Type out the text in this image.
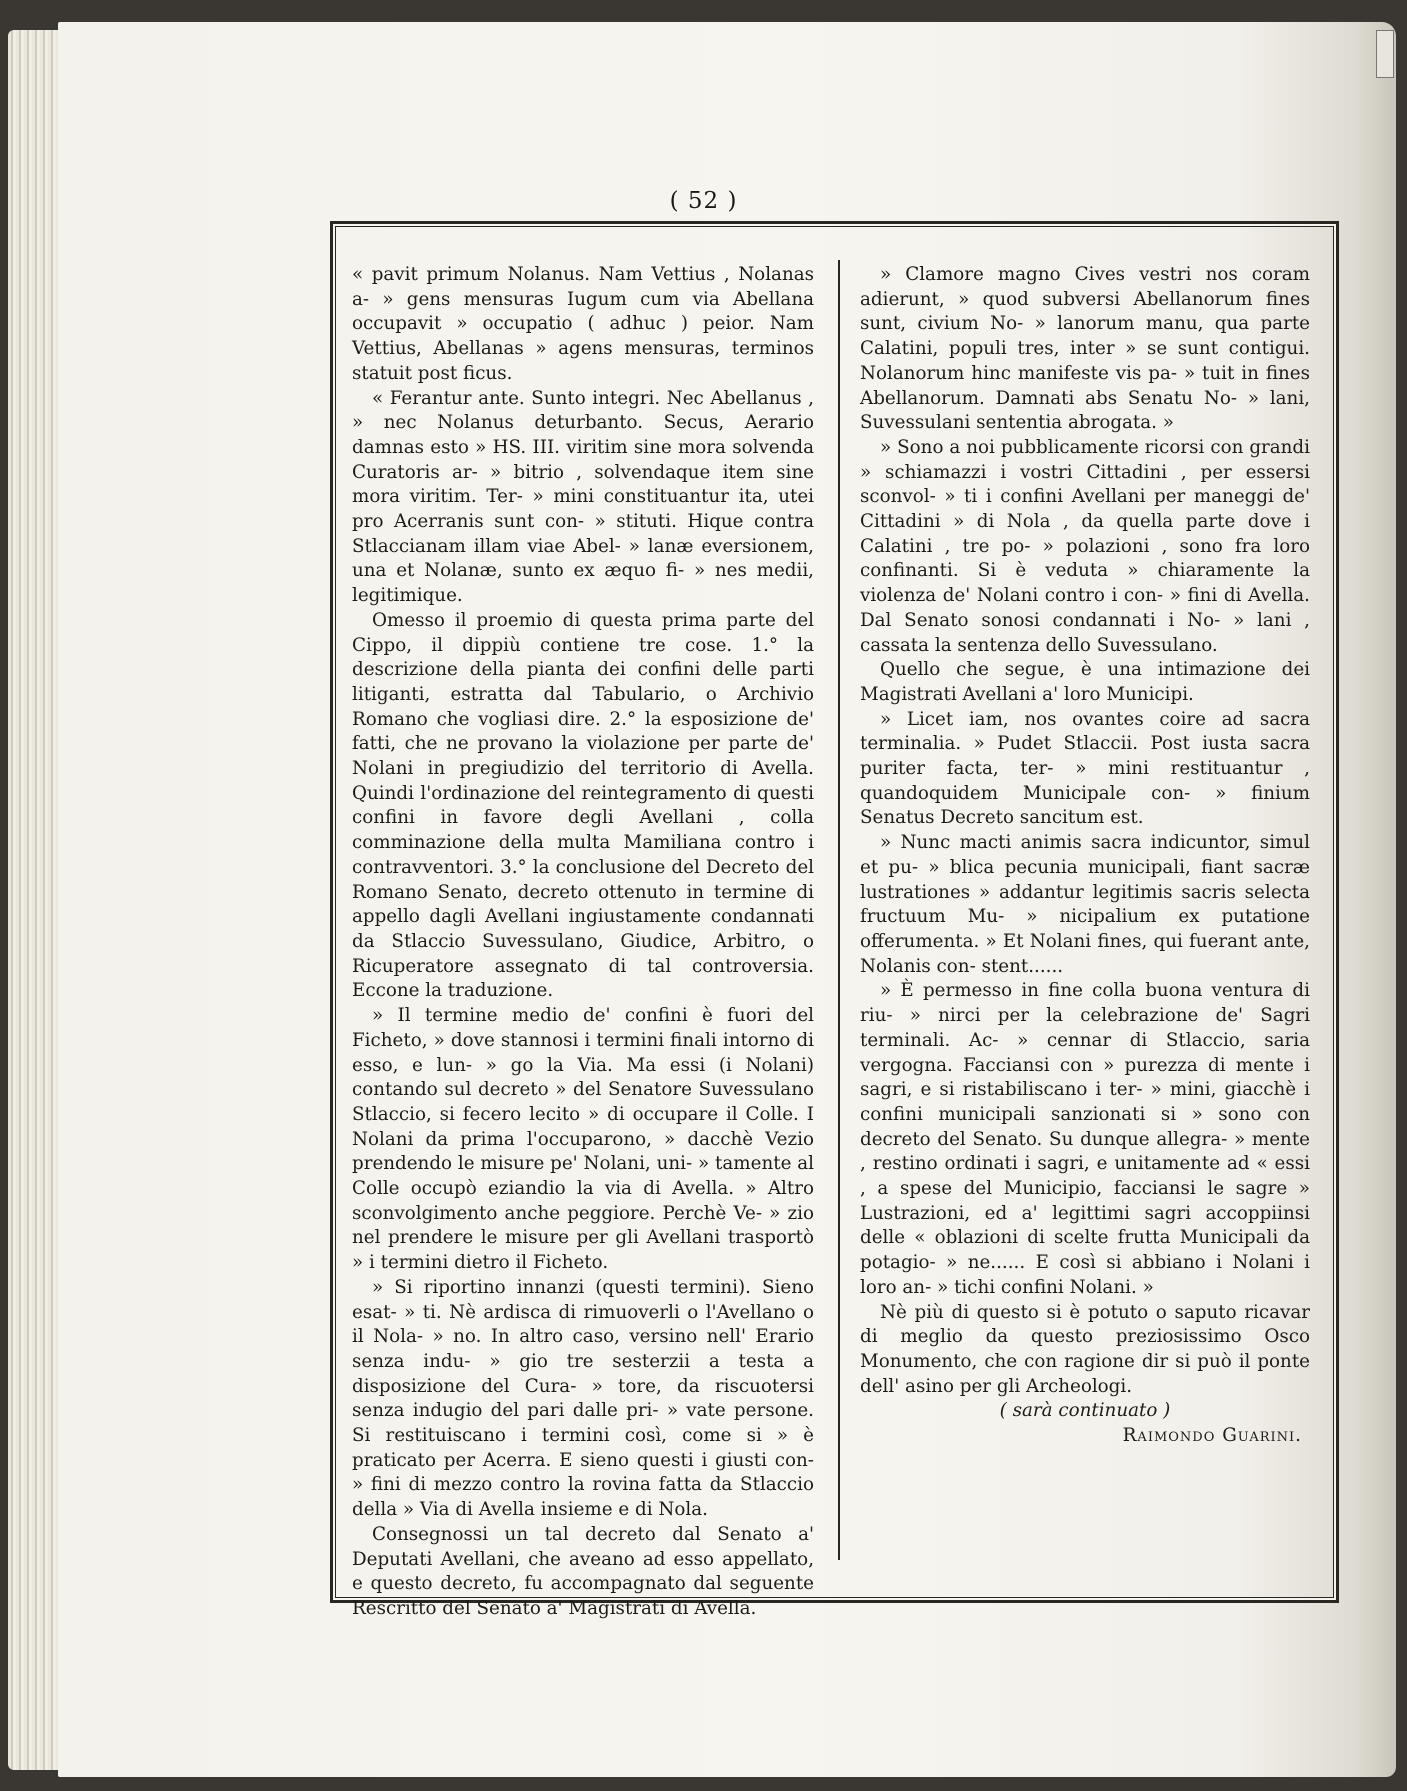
( 52 )

« pavit primum Nolanus. Nam Vettius , Nolanas a- » gens mensuras Iugum cum via Abellana occupavit » occupatio ( adhuc ) peior. Nam Vettius, Abellanas » agens mensuras, terminos statuit post ficus.

« Ferantur ante. Sunto integri. Nec Abellanus , » nec Nolanus deturbanto. Secus, Aerario damnas esto » HS. III. viritim sine mora solvenda Curatoris ar- » bitrio , solvendaque item sine mora viritim. Ter- » mini constituantur ita, utei pro Acerranis sunt con- » stituti. Hique contra Stlaccianam illam viae Abel- » lanæ eversionem, una et Nolanæ, sunto ex æquo fi- » nes medii, legitimique.

Omesso il proemio di questa prima parte del Cippo, il dippiù contiene tre cose. 1.° la descrizione della pianta dei confini delle parti litiganti, estratta dal Tabulario, o Archivio Romano che vogliasi dire. 2.° la esposizione de' fatti, che ne provano la violazione per parte de' Nolani in pregiudizio del territorio di Avella. Quindi l'ordinazione del reintegramento di questi confini in favore degli Avellani , colla comminazione della multa Mamiliana contro i contravventori. 3.° la conclusione del Decreto del Romano Senato, decreto ottenuto in termine di appello dagli Avellani ingiustamente condannati da Stlaccio Suvessulano, Giudice, Arbitro, o Ricuperatore assegnato di tal controversia. Eccone la traduzione.

» Il termine medio de' confini è fuori del Ficheto, » dove stannosi i termini finali intorno di esso, e lun- » go la Via. Ma essi (i Nolani) contando sul decreto » del Senatore Suvessulano Stlaccio, si fecero lecito » di occupare il Colle. I Nolani da prima l'occuparono, » dacchè Vezio prendendo le misure pe' Nolani, uni- » tamente al Colle occupò eziandio la via di Avella. » Altro sconvolgimento anche peggiore. Perchè Ve- » zio nel prendere le misure per gli Avellani trasportò » i termini dietro il Ficheto.

» Si riportino innanzi (questi termini). Sieno esat- » ti. Nè ardisca di rimuoverli o l'Avellano o il Nola- » no. In altro caso, versino nell' Erario senza indu- » gio tre sesterzii a testa a disposizione del Cura- » tore, da riscuotersi senza indugio del pari dalle pri- » vate persone. Si restituiscano i termini così, come si » è praticato per Acerra. E sieno questi i giusti con- » fini di mezzo contro la rovina fatta da Stlaccio della » Via di Avella insieme e di Nola.

Consegnossi un tal decreto dal Senato a' Deputati Avellani, che aveano ad esso appellato, e questo decreto, fu accompagnato dal seguente Rescritto del Senato a' Magistrati di Avella.

» Clamore magno Cives vestri nos coram adierunt, » quod subversi Abellanorum fines sunt, civium No- » lanorum manu, qua parte Calatini, populi tres, inter » se sunt contigui. Nolanorum hinc manifeste vis pa- » tuit in fines Abellanorum. Damnati abs Senatu No- » lani, Suvessulani sententia abrogata. »

» Sono a noi pubblicamente ricorsi con grandi » schiamazzi i vostri Cittadini , per essersi sconvol- » ti i confini Avellani per maneggi de' Cittadini » di Nola , da quella parte dove i Calatini , tre po- » polazioni , sono fra loro confinanti. Si è veduta » chiaramente la violenza de' Nolani contro i con- » fini di Avella. Dal Senato sonosi condannati i No- » lani , cassata la sentenza dello Suvessulano.

Quello che segue, è una intimazione dei Magistrati Avellani a' loro Municipi.

» Licet iam, nos ovantes coire ad sacra terminalia. » Pudet Stlaccii. Post iusta sacra puriter facta, ter- » mini restituantur , quandoquidem Municipale con- » finium Senatus Decreto sancitum est.

» Nunc macti animis sacra indicuntor, simul et pu- » blica pecunia municipali, fiant sacræ lustrationes » addantur legitimis sacris selecta fructuum Mu- » nicipalium ex putatione offerumenta. » Et Nolani fines, qui fuerant ante, Nolanis con- stent......

» È permesso in fine colla buona ventura di riu- » nirci per la celebrazione de' Sagri terminali. Ac- » cennar di Stlaccio, saria vergogna. Facciansi con » purezza di mente i sagri, e si ristabiliscano i ter- » mini, giacchè i confini municipali sanzionati si » sono con decreto del Senato. Su dunque allegra- » mente , restino ordinati i sagri, e unitamente ad « essi , a spese del Municipio, facciansi le sagre » Lustrazioni, ed a' legittimi sagri accoppiinsi delle « oblazioni di scelte frutta Municipali da potagio- » ne...... E così si abbiano i Nolani i loro an- » tichi confini Nolani. »

Nè più di questo si è potuto o saputo ricavar di meglio da questo preziosissimo Osco Monumento, che con ragione dir si può il ponte dell' asino per gli Archeologi.

( sarà continuato )

Raimondo Guarini.
